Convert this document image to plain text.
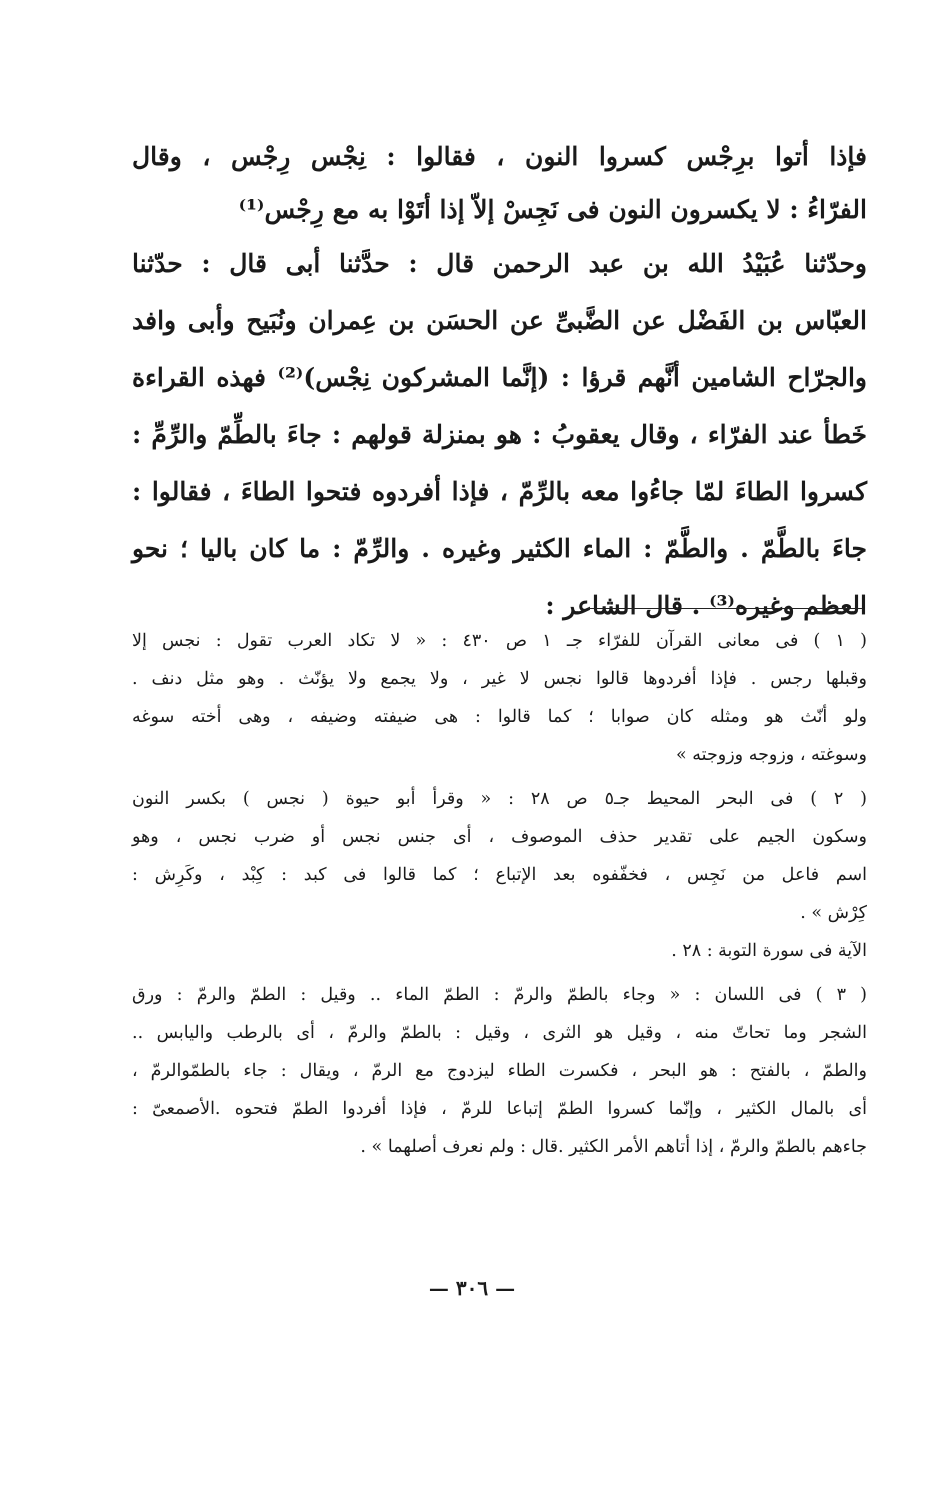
فإذا أتوا برِجْس كسروا النون ، فقالوا : نِجْس رِجْس ، وقال
الفرّاءُ : لا يكسرون النون فى نَجِسْ إلاّ إذا أتَوْا به مع رِجْس⁽¹⁾
وحدّثنا عُبَيْدُ الله بن عبد الرحمن قال : حدَّثنا أبى قال : حدّثنا
العبّاس بن الفَضْل عن الضَّبىِّ عن الحسَن بن عِمران ونُبَيح وأبى وافد
والجرّاح الشامين أنَّهم قرؤا : (إنَّما المشركون نِجْس)⁽²⁾ فهذه القراءة
خَطأ عند الفرّاء ، وقال يعقوبُ : هو بمنزلة قولهم : جاءَ بالطِّمّ والرِّمِّ :
كسروا الطاءَ لمّا جاءُوا معه بالرِّمّ ، فإذا أفردوه فتحوا الطاءَ ، فقالوا :
جاءَ بالطَّمّ . والطَّمّ : الماء الكثير وغيره . والرِّمّ : ما كان باليا ؛ نحو
العظم وغيره⁽³⁾ . قال الشاعر :
( ١ ) فى معانى القرآن للفرّاء جـ ١ ص ٤٣٠ : « لا تكاد العرب تقول : نجس إلا
وقبلها رجس . فإذا أفردوها قالوا نجس لا غير ، ولا يجمع ولا يؤنّث . وهو مثل دنف .
ولو أنّث هو ومثله كان صوابا ؛ كما قالوا : هى ضيفته وضيفه ، وهى أخته سوغه
وسوغته ، وزوجه وزوجته »
( ٢ ) فى البحر المحيط جـ٥ ص ٢٨ : « وقرأ أبو حيوة ( نجس ) بكسر النون
وسكون الجيم على تقدير حذف الموصوف ، أى جنس نجس أو ضرب نجس ، وهو
اسم فاعل من نَجِس ، فخفّفوه بعد الإتباع ؛ كما قالوا فى كبد : كِبْد ، وكَرِش :
كِرْش » .
الآية فى سورة التوبة : ٢٨ .
( ٣ ) فى اللسان : « وجاء بالطمّ والرمّ : الطمّ الماء .. وقيل : الطمّ والرمّ : ورق
الشجر وما تحاتّ منه ، وقيل هو الثرى ، وقيل : بالطمّ والرمّ ، أى بالرطب واليابس ..
والطمّ ، بالفتح : هو البحر ، فكسرت الطاء ليزدوج مع الرمّ ، ويقال : جاء بالطمّوالرمّ ،
أى بالمال الكثير ، وإنّما كسروا الطمّ إتباعا للرمّ ، فإذا أفردوا الطمّ فتحوه .الأصمعىّ :
جاءهم بالطمّ والرمّ ، إذا أتاهم الأمر الكثير .قال : ولم نعرف أصلهما » .
— ٣٠٦ —
